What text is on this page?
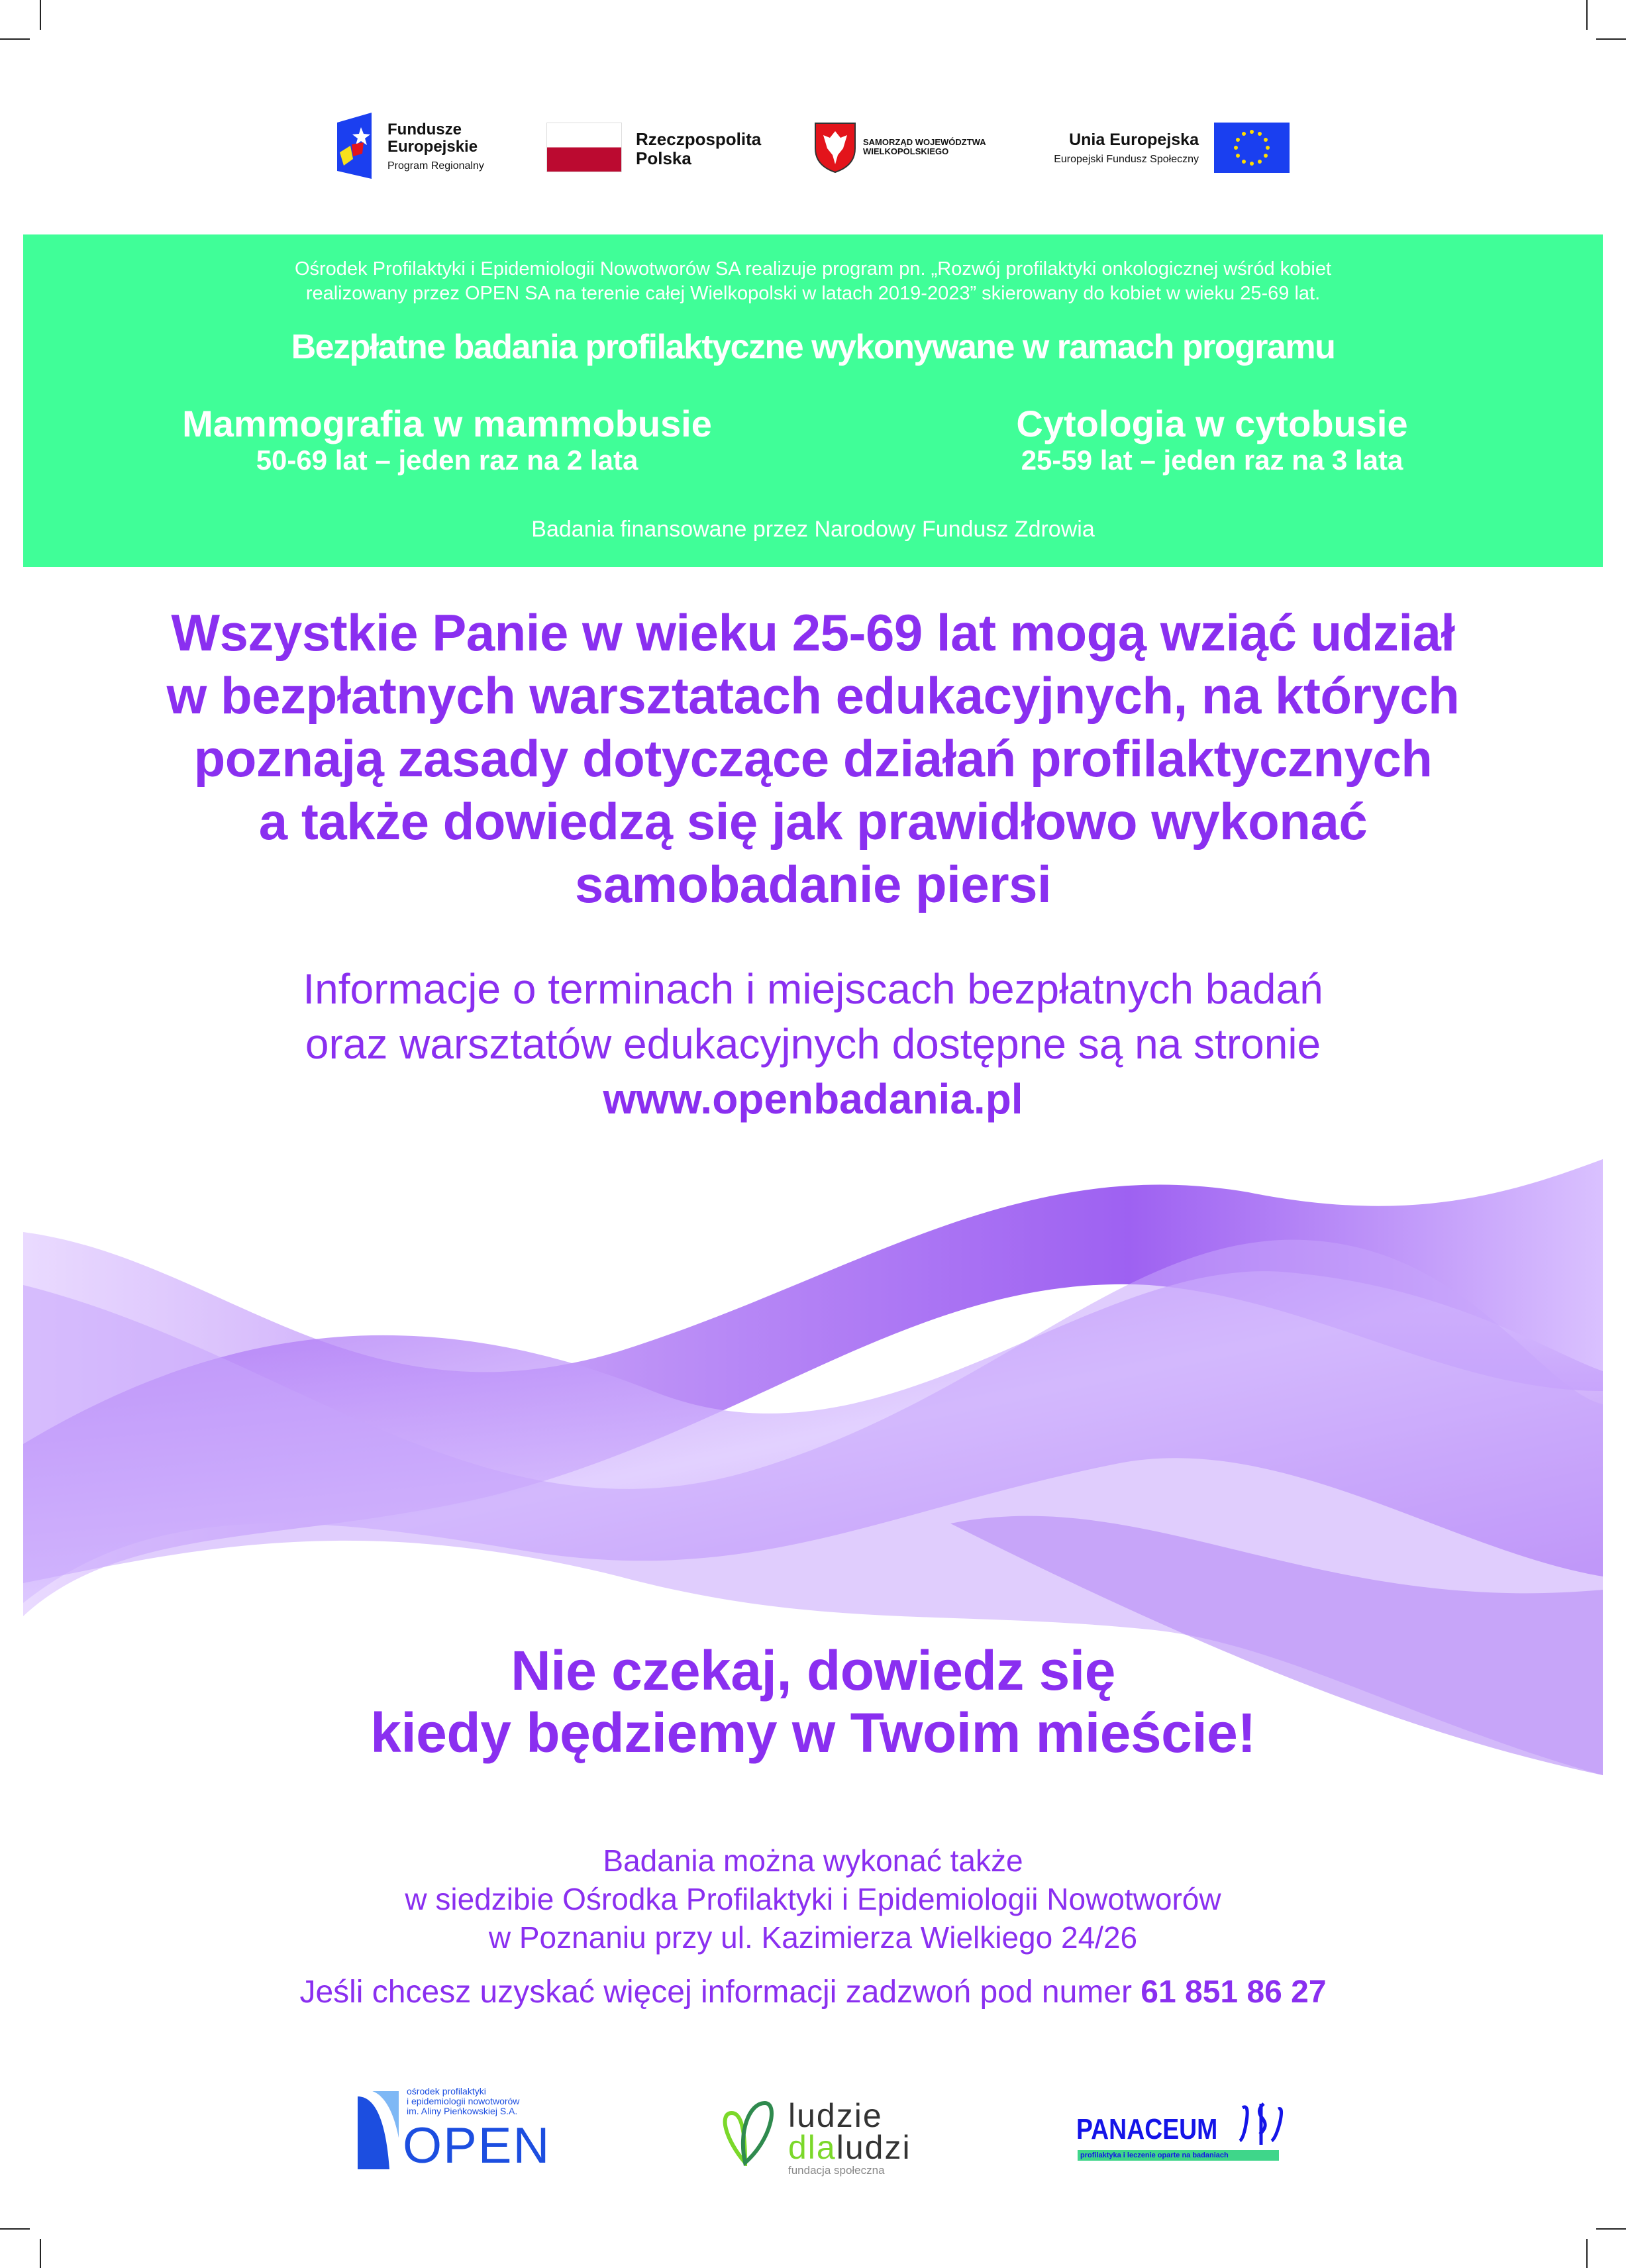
Fundusze
Europejskie
Program Regionalny
Rzeczpospolita
Polska
SAMORZĄD WOJEWÓDZTWA
WIELKOPOLSKIEGO
Unia Europejska
Europejski Fundusz Społeczny
Ośrodek Profilaktyki i Epidemiologii Nowotworów SA realizuje program pn. „Rozwój profilaktyki onkologicznej wśród kobiet
realizowany przez OPEN SA na terenie całej Wielkopolski w latach 2019-2023” skierowany do kobiet w wieku 25-69 lat.
Bezpłatne badania profilaktyczne wykonywane w ramach programu
Mammografia w mammobusie
50-69 lat – jeden raz na 2 lata
Cytologia w cytobusie
25-59 lat – jeden raz na 3 lata
Badania finansowane przez Narodowy Fundusz Zdrowia
Wszystkie Panie w wieku 25-69 lat mogą wziąć udział
w bezpłatnych warsztatach edukacyjnych, na których
poznają zasady dotyczące działań profilaktycznych
a także dowiedzą się jak prawidłowo wykonać
samobadanie piersi
Informacje o terminach i miejscach bezpłatnych badań
oraz warsztatów edukacyjnych dostępne są na stronie
www.openbadania.pl
Nie czekaj, dowiedz się
kiedy będziemy w Twoim mieście!
Badania można wykonać także
w siedzibie Ośrodka Profilaktyki i Epidemiologii Nowotworów
w Poznaniu przy ul. Kazimierza Wielkiego 24/26
Jeśli chcesz uzyskać więcej informacji zadzwoń pod numer 61 851 86 27
ośrodek profilaktyki
i epidemiologii nowotworów
im. Aliny Pieńkowskiej S.A.
OPEN
ludzie
dlaludzi
fundacja społeczna
PANACEUM
profilaktyka i leczenie oparte na badaniach
